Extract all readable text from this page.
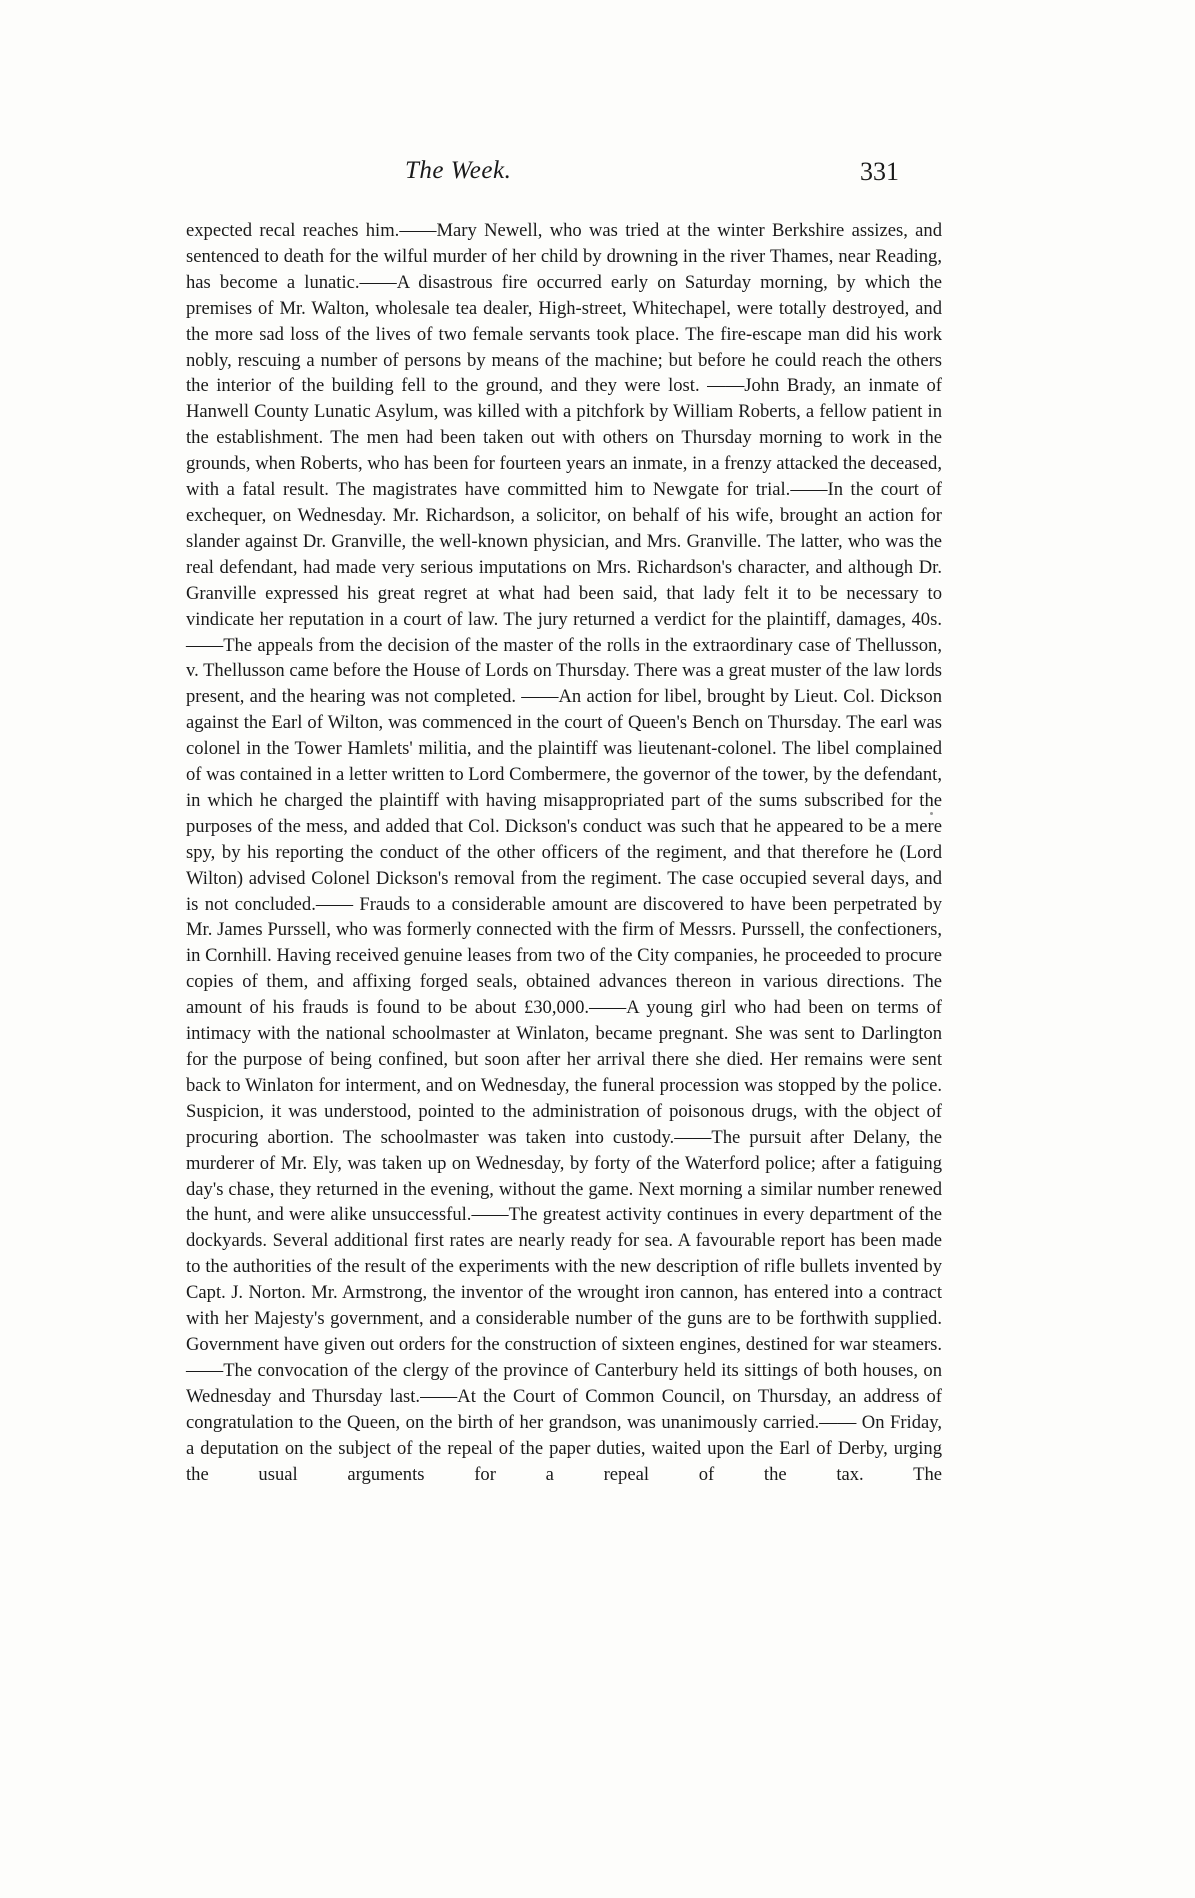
The Week.	331

expected recal reaches him.——Mary Newell, who was tried at the winter Berkshire assizes, and sentenced to death for the wilful murder of her child by drowning in the river Thames, near Reading, has become a lunatic.——A disastrous fire occurred early on Saturday morning, by which the premises of Mr. Walton, wholesale tea dealer, High-street, Whitechapel, were totally destroyed, and the more sad loss of the lives of two female servants took place. The fire-escape man did his work nobly, rescuing a number of persons by means of the machine; but before he could reach the others the interior of the building fell to the ground, and they were lost. ——John Brady, an inmate of Hanwell County Lunatic Asylum, was killed with a pitchfork by William Roberts, a fellow patient in the establishment. The men had been taken out with others on Thursday morning to work in the grounds, when Roberts, who has been for fourteen years an inmate, in a frenzy attacked the deceased, with a fatal result. The magistrates have committed him to Newgate for trial.——In the court of exchequer, on Wednesday. Mr. Richardson, a solicitor, on behalf of his wife, brought an action for slander against Dr. Granville, the well-known physician, and Mrs. Granville. The latter, who was the real defendant, had made very serious imputations on Mrs. Richardson's character, and although Dr. Granville expressed his great regret at what had been said, that lady felt it to be necessary to vindicate her reputation in a court of law. The jury returned a verdict for the plaintiff, damages, 40s.——The appeals from the decision of the master of the rolls in the extraordinary case of Thellusson, v. Thellusson came before the House of Lords on Thursday. There was a great muster of the law lords present, and the hearing was not completed. ——An action for libel, brought by Lieut. Col. Dickson against the Earl of Wilton, was commenced in the court of Queen's Bench on Thursday. The earl was colonel in the Tower Hamlets' militia, and the plaintiff was lieutenant-colonel. The libel complained of was contained in a letter written to Lord Combermere, the governor of the tower, by the defendant, in which he charged the plaintiff with having misappropriated part of the sums subscribed for the purposes of the mess, and added that Col. Dickson's conduct was such that he appeared to be a mere spy, by his reporting the conduct of the other officers of the regiment, and that therefore he (Lord Wilton) advised Colonel Dickson's removal from the regiment. The case occupied several days, and is not concluded.—— Frauds to a considerable amount are discovered to have been perpetrated by Mr. James Purssell, who was formerly connected with the firm of Messrs. Purssell, the confectioners, in Cornhill. Having received genuine leases from two of the City companies, he proceeded to procure copies of them, and affixing forged seals, obtained advances thereon in various directions. The amount of his frauds is found to be about £30,000.——A young girl who had been on terms of intimacy with the national schoolmaster at Winlaton, became pregnant. She was sent to Darlington for the purpose of being confined, but soon after her arrival there she died. Her remains were sent back to Winlaton for interment, and on Wednesday, the funeral procession was stopped by the police. Suspicion, it was understood, pointed to the administration of poisonous drugs, with the object of procuring abortion. The schoolmaster was taken into custody.——The pursuit after Delany, the murderer of Mr. Ely, was taken up on Wednesday, by forty of the Waterford police; after a fatiguing day's chase, they returned in the evening, without the game. Next morning a similar number renewed the hunt, and were alike unsuccessful.——The greatest activity continues in every department of the dockyards. Several additional first rates are nearly ready for sea. A favourable report has been made to the authorities of the result of the experiments with the new description of rifle bullets invented by Capt. J. Norton. Mr. Armstrong, the inventor of the wrought iron cannon, has entered into a contract with her Majesty's government, and a considerable number of the guns are to be forthwith supplied. Government have given out orders for the construction of sixteen engines, destined for war steamers.——The convocation of the clergy of the province of Canterbury held its sittings of both houses, on Wednesday and Thursday last.——At the Court of Common Council, on Thursday, an address of congratulation to the Queen, on the birth of her grandson, was unanimously carried.—— On Friday, a deputation on the subject of the repeal of the paper duties, waited upon the Earl of Derby, urging the usual arguments for a repeal of the tax. The
